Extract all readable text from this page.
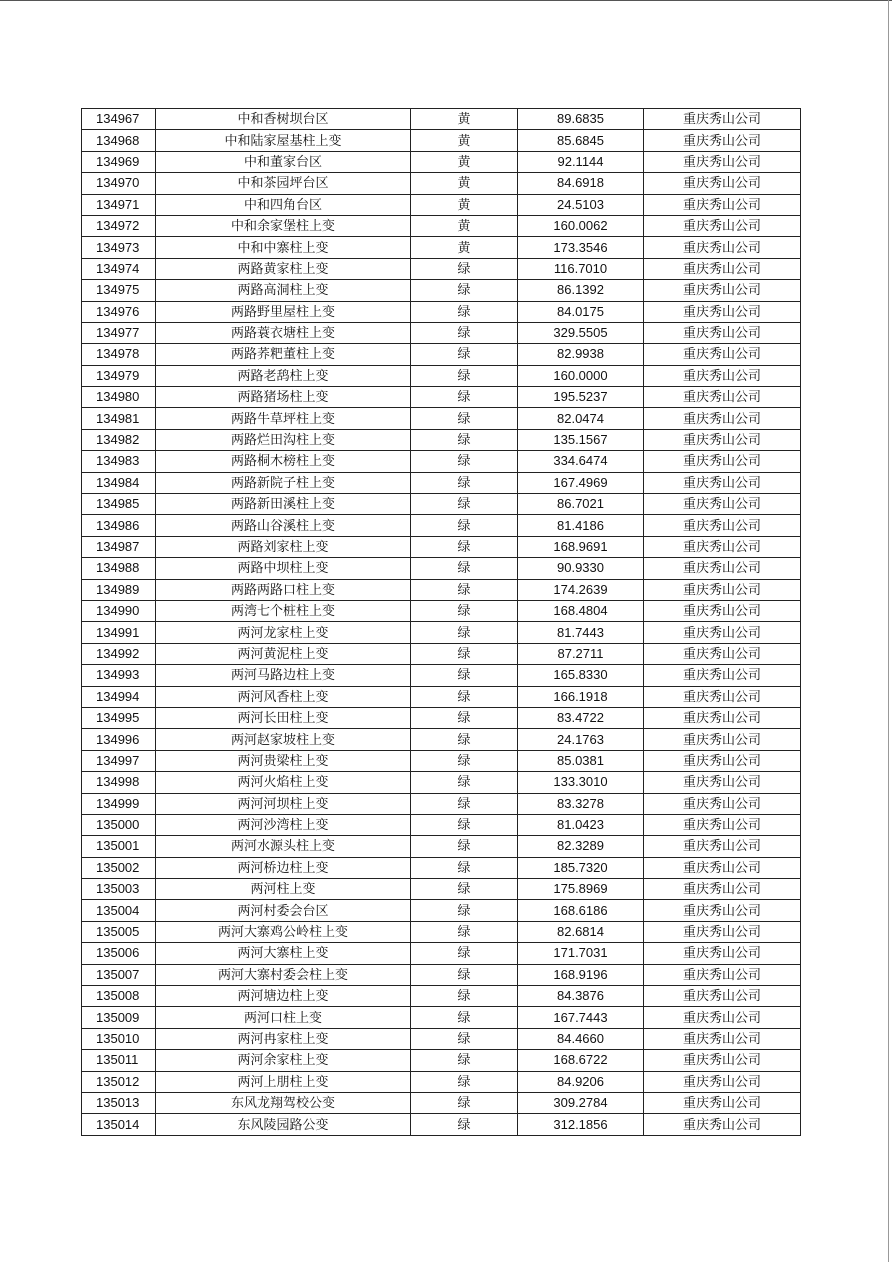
134967	中和香树坝台区	黄	89.6835	重庆秀山公司
134968	中和陆家屋基柱上变	黄	85.6845	重庆秀山公司
134969	中和董家台区	黄	92.1144	重庆秀山公司
134970	中和茶园坪台区	黄	84.6918	重庆秀山公司
134971	中和四角台区	黄	24.5103	重庆秀山公司
134972	中和余家堡柱上变	黄	160.0062	重庆秀山公司
134973	中和中寨柱上变	黄	173.3546	重庆秀山公司
134974	两路黄家柱上变	绿	116.7010	重庆秀山公司
134975	两路高洞柱上变	绿	86.1392	重庆秀山公司
134976	两路野里屋柱上变	绿	84.0175	重庆秀山公司
134977	两路蓑衣塘柱上变	绿	329.5505	重庆秀山公司
134978	两路荞粑董柱上变	绿	82.9938	重庆秀山公司
134979	两路老鸹柱上变	绿	160.0000	重庆秀山公司
134980	两路猪场柱上变	绿	195.5237	重庆秀山公司
134981	两路牛草坪柱上变	绿	82.0474	重庆秀山公司
134982	两路烂田沟柱上变	绿	135.1567	重庆秀山公司
134983	两路桐木榜柱上变	绿	334.6474	重庆秀山公司
134984	两路新院子柱上变	绿	167.4969	重庆秀山公司
134985	两路新田溪柱上变	绿	86.7021	重庆秀山公司
134986	两路山谷溪柱上变	绿	81.4186	重庆秀山公司
134987	两路刘家柱上变	绿	168.9691	重庆秀山公司
134988	两路中坝柱上变	绿	90.9330	重庆秀山公司
134989	两路两路口柱上变	绿	174.2639	重庆秀山公司
134990	两湾七个桩柱上变	绿	168.4804	重庆秀山公司
134991	两河龙家柱上变	绿	81.7443	重庆秀山公司
134992	两河黄泥柱上变	绿	87.2711	重庆秀山公司
134993	两河马路边柱上变	绿	165.8330	重庆秀山公司
134994	两河风香柱上变	绿	166.1918	重庆秀山公司
134995	两河长田柱上变	绿	83.4722	重庆秀山公司
134996	两河赵家坡柱上变	绿	24.1763	重庆秀山公司
134997	两河贵梁柱上变	绿	85.0381	重庆秀山公司
134998	两河火焰柱上变	绿	133.3010	重庆秀山公司
134999	两河河坝柱上变	绿	83.3278	重庆秀山公司
135000	两河沙湾柱上变	绿	81.0423	重庆秀山公司
135001	两河水源头柱上变	绿	82.3289	重庆秀山公司
135002	两河桥边柱上变	绿	185.7320	重庆秀山公司
135003	两河柱上变	绿	175.8969	重庆秀山公司
135004	两河村委会台区	绿	168.6186	重庆秀山公司
135005	两河大寨鸡公岭柱上变	绿	82.6814	重庆秀山公司
135006	两河大寨柱上变	绿	171.7031	重庆秀山公司
135007	两河大寨村委会柱上变	绿	168.9196	重庆秀山公司
135008	两河塘边柱上变	绿	84.3876	重庆秀山公司
135009	两河口柱上变	绿	167.7443	重庆秀山公司
135010	两河冉家柱上变	绿	84.4660	重庆秀山公司
135011	两河余家柱上变	绿	168.6722	重庆秀山公司
135012	两河上朋柱上变	绿	84.9206	重庆秀山公司
135013	东风龙翔驾校公变	绿	309.2784	重庆秀山公司
135014	东风陵园路公变	绿	312.1856	重庆秀山公司
